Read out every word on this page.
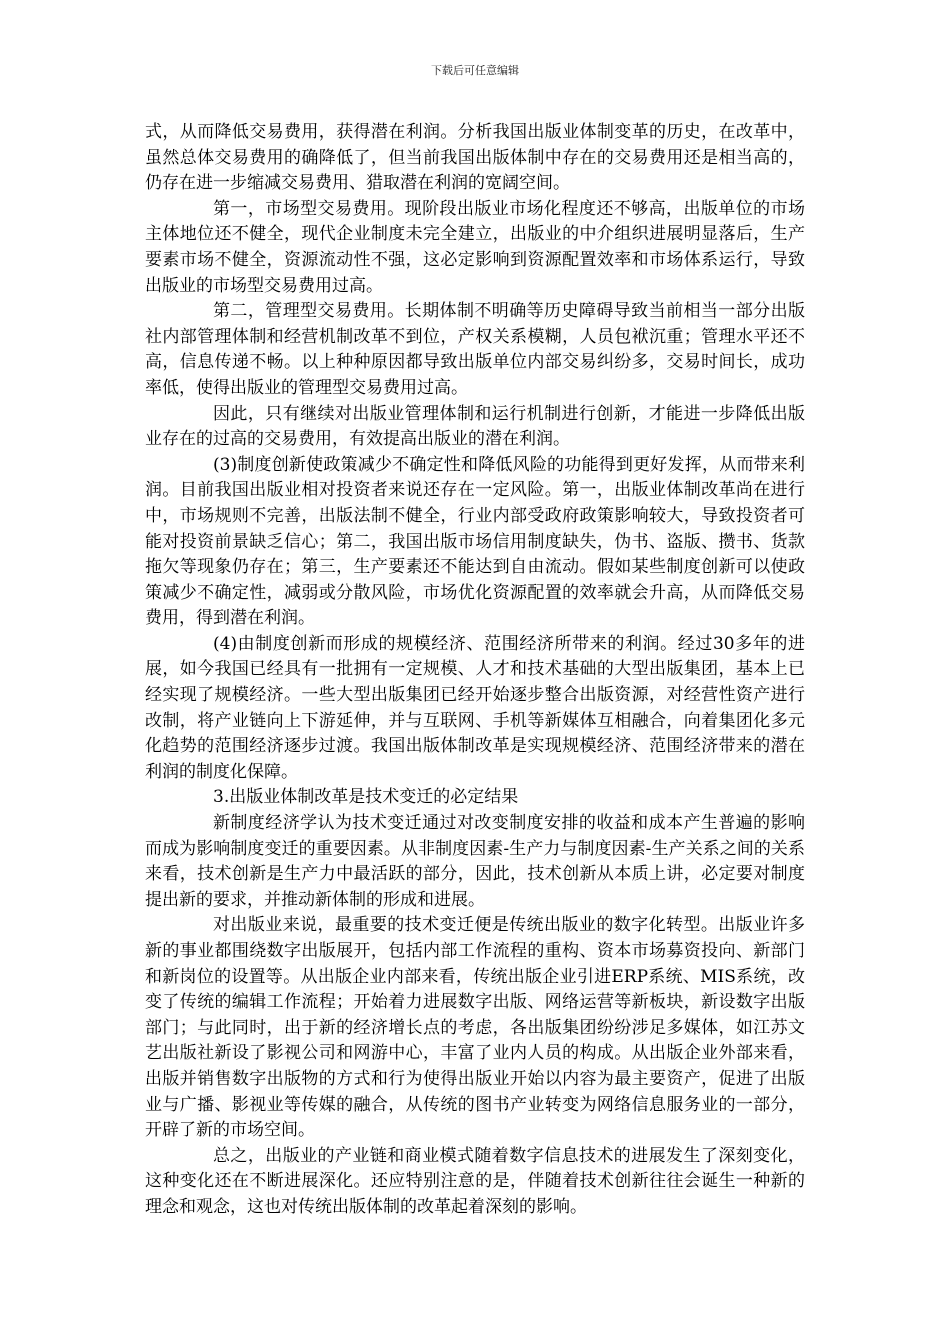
下载后可任意编辑

式，从而降低交易费用，获得潜在利润。分析我国出版业体制变革的历史，在改革中，虽然总体交易费用的确降低了，但当前我国出版体制中存在的交易费用还是相当高的，仍存在进一步缩减交易费用、猎取潜在利润的宽阔空间。

第一，市场型交易费用。现阶段出版业市场化程度还不够高，出版单位的市场主体地位还不健全，现代企业制度未完全建立，出版业的中介组织进展明显落后，生产要素市场不健全，资源流动性不强，这必定影响到资源配置效率和市场体系运行，导致出版业的市场型交易费用过高。

第二，管理型交易费用。长期体制不明确等历史障碍导致当前相当一部分出版社内部管理体制和经营机制改革不到位，产权关系模糊，人员包袱沉重；管理水平还不高，信息传递不畅。以上种种原因都导致出版单位内部交易纠纷多，交易时间长，成功率低，使得出版业的管理型交易费用过高。

因此，只有继续对出版业管理体制和运行机制进行创新，才能进一步降低出版业存在的过高的交易费用，有效提高出版业的潜在利润。

(3)制度创新使政策减少不确定性和降低风险的功能得到更好发挥，从而带来利润。目前我国出版业相对投资者来说还存在一定风险。第一，出版业体制改革尚在进行中，市场规则不完善，出版法制不健全，行业内部受政府政策影响较大，导致投资者可能对投资前景缺乏信心；第二，我国出版市场信用制度缺失，伪书、盗版、攒书、货款拖欠等现象仍存在；第三，生产要素还不能达到自由流动。假如某些制度创新可以使政策减少不确定性，减弱或分散风险，市场优化资源配置的效率就会升高，从而降低交易费用，得到潜在利润。

(4)由制度创新而形成的规模经济、范围经济所带来的利润。经过30多年的进展，如今我国已经具有一批拥有一定规模、人才和技术基础的大型出版集团，基本上已经实现了规模经济。一些大型出版集团已经开始逐步整合出版资源，对经营性资产进行改制，将产业链向上下游延伸，并与互联网、手机等新媒体互相融合，向着集团化多元化趋势的范围经济逐步过渡。我国出版体制改革是实现规模经济、范围经济带来的潜在利润的制度化保障。

3.出版业体制改革是技术变迁的必定结果

新制度经济学认为技术变迁通过对改变制度安排的收益和成本产生普遍的影响而成为影响制度变迁的重要因素。从非制度因素-生产力与制度因素-生产关系之间的关系来看，技术创新是生产力中最活跃的部分，因此，技术创新从本质上讲，必定要对制度提出新的要求，并推动新体制的形成和进展。

对出版业来说，最重要的技术变迁便是传统出版业的数字化转型。出版业许多新的事业都围绕数字出版展开，包括内部工作流程的重构、资本市场募资投向、新部门和新岗位的设置等。从出版企业内部来看，传统出版企业引进ERP系统、MIS系统，改变了传统的编辑工作流程；开始着力进展数字出版、网络运营等新板块，新设数字出版部门；与此同时，出于新的经济增长点的考虑，各出版集团纷纷涉足多媒体，如江苏文艺出版社新设了影视公司和网游中心，丰富了业内人员的构成。从出版企业外部来看，出版并销售数字出版物的方式和行为使得出版业开始以内容为最主要资产，促进了出版业与广播、影视业等传媒的融合，从传统的图书产业转变为网络信息服务业的一部分，开辟了新的市场空间。

总之，出版业的产业链和商业模式随着数字信息技术的进展发生了深刻变化，这种变化还在不断进展深化。还应特别注意的是，伴随着技术创新往往会诞生一种新的理念和观念，这也对传统出版体制的改革起着深刻的影响。
